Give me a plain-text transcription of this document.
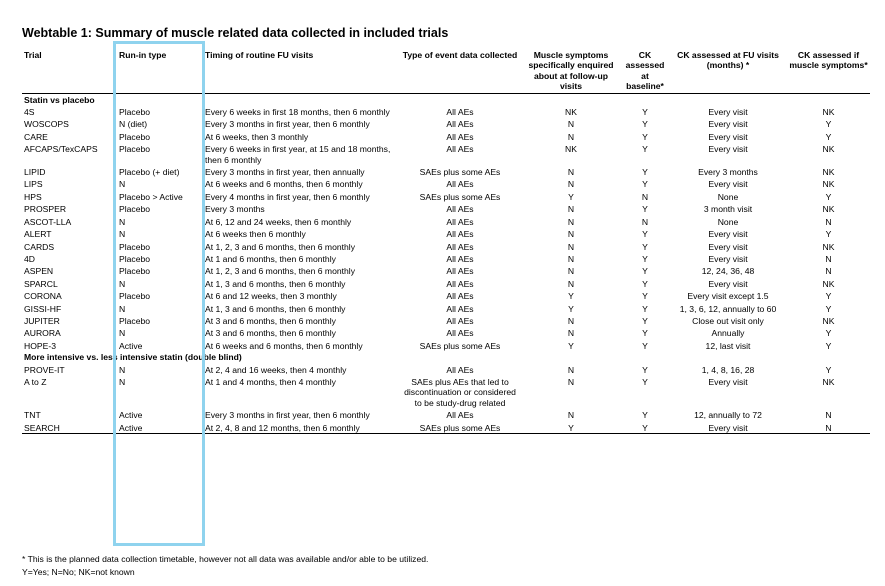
Webtable 1: Summary of muscle related data collected in included trials
Trial	Run-in type	Timing of routine FU visits	Type of event data collected	Muscle symptoms specifically enquired about at follow-up visits	CK assessed at baseline*	CK assessed at FU visits (months) *	CK assessed if muscle symptoms*
Statin vs placebo							
4S	Placebo	Every 6 weeks in first 18 months, then 6 monthly	All AEs	NK	Y	Every visit	NK
WOSCOPS	N (diet)	Every 3 months in first year, then 6 monthly	All AEs	N	Y	Every visit	Y
CARE	Placebo	At 6 weeks, then 3 monthly	All AEs	N	Y	Every visit	Y
AFCAPS/TexCAPS	Placebo	Every 6 weeks in first year, at 15 and 18 months, then 6 monthly	All AEs	NK	Y	Every visit	NK
LIPID	Placebo (+ diet)	Every 3 months in first year, then annually	SAEs plus some AEs	N	Y	Every 3 months	NK
LIPS	N	At 6 weeks and 6 months, then 6 monthly	All AEs	N	Y	Every visit	NK
HPS	Placebo > Active	Every 4 months in first year, then 6 monthly	SAEs plus some AEs	Y	N	None	Y
PROSPER	Placebo	Every 3 months	All AEs	N	Y	3 month visit	NK
ASCOT-LLA	N	At 6, 12 and 24 weeks, then 6 monthly	All AEs	N	N	None	N
ALERT	N	At 6 weeks then 6 monthly	All AEs	N	Y	Every visit	Y
CARDS	Placebo	At 1, 2, 3 and 6 months, then 6 monthly	All AEs	N	Y	Every visit	NK
4D	Placebo	At 1 and 6 months, then 6 monthly	All AEs	N	Y	Every visit	N
ASPEN	Placebo	At 1, 2, 3 and 6 months, then 6 monthly	All AEs	N	Y	12, 24, 36, 48	N
SPARCL	N	At 1, 3 and 6 months, then 6 monthly	All AEs	N	Y	Every visit	NK
CORONA	Placebo	At 6 and 12 weeks, then 3 monthly	All AEs	Y	Y	Every visit except 1.5	Y
GISSI-HF	N	At 1, 3 and 6 months, then 6 monthly	All AEs	Y	Y	1, 3, 6, 12, annually to 60	Y
JUPITER	Placebo	At 3 and 6 months, then 6 monthly	All AEs	N	Y	Close out visit only	NK
AURORA	N	At 3 and 6 months, then 6 monthly	All AEs	N	Y	Annually	Y
HOPE-3	Active	At 6 weeks and 6 months, then 6 monthly	SAEs plus some AEs	Y	Y	12, last visit	Y
More intensive vs. less intensive statin (double blind)							
PROVE-IT	N	At 2, 4 and 16 weeks, then 4 monthly	All AEs	N	Y	1, 4, 8, 16, 28	Y
A to Z	N	At 1 and 4 months, then 4 monthly	SAEs plus AEs that led to discontinuation or considered to be study-drug related	N	Y	Every visit	NK
TNT	Active	Every 3 months in first year, then 6 monthly	All AEs	N	Y	12, annually to 72	N
SEARCH	Active	At 2, 4, 8 and 12 months, then 6 monthly	SAEs plus some AEs	Y	Y	Every visit	N
* This is the planned data collection timetable, however not all data was available and/or able to be utilized.
Y=Yes; N=No; NK=not known
